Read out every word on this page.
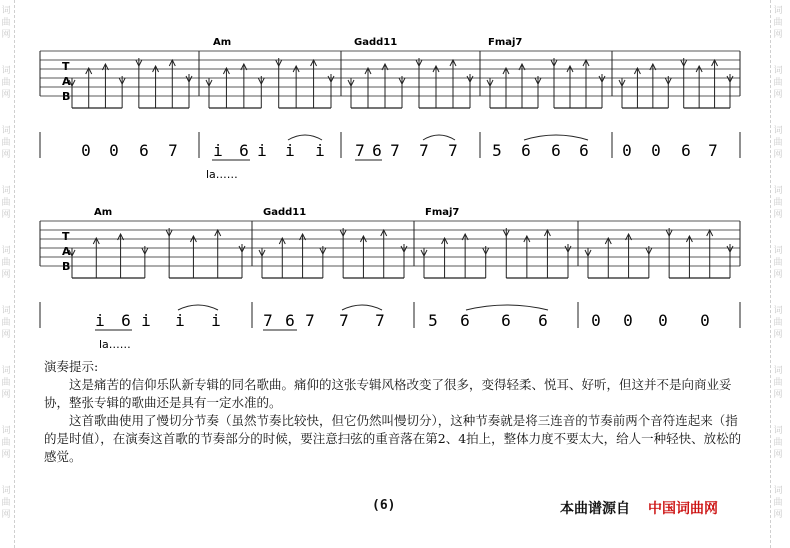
词
曲
网
词
曲
网
词
曲
网
词
曲
网
词
曲
网
词
曲
网
词
曲
网
词
曲
网
词
曲
网
词
曲
网
词
曲
网
词
曲
网
词
曲
网
词
曲
网
词
曲
网
词
曲
网
词
曲
网
词
曲
网
Am	Gadd11	Fmaj7
T
A
B
la……
0 0 6 7 i 6 i i i 7 6 7 7 7 5 6 6 6 0 0 6 7
Am	Gadd11	Fmaj7
T
A
B
la……
i 6 i i i	7 6 7 7 7	5 6 6 6	0 0 0 0

演奏提示:

这是痛苦的信仰乐队新专辑的同名歌曲。痛仰的这张专辑风格改变了很多，变得轻柔、悦耳、好听，但这并不是向商业妥协，整张专辑的歌曲还是具有一定水准的。

这首歌曲使用了慢切分节奏（虽然节奏比较快，但它仍然叫慢切分），这种节奏就是将三连音的节奏前两个音符连起来（指的是时值），在演奏这首歌的节奏部分的时候，要注意扫弦的重音落在第2、4拍上，整体力度不要太大，给人一种轻快、放松的感觉。

(6)	本曲谱源自 中国词曲网
